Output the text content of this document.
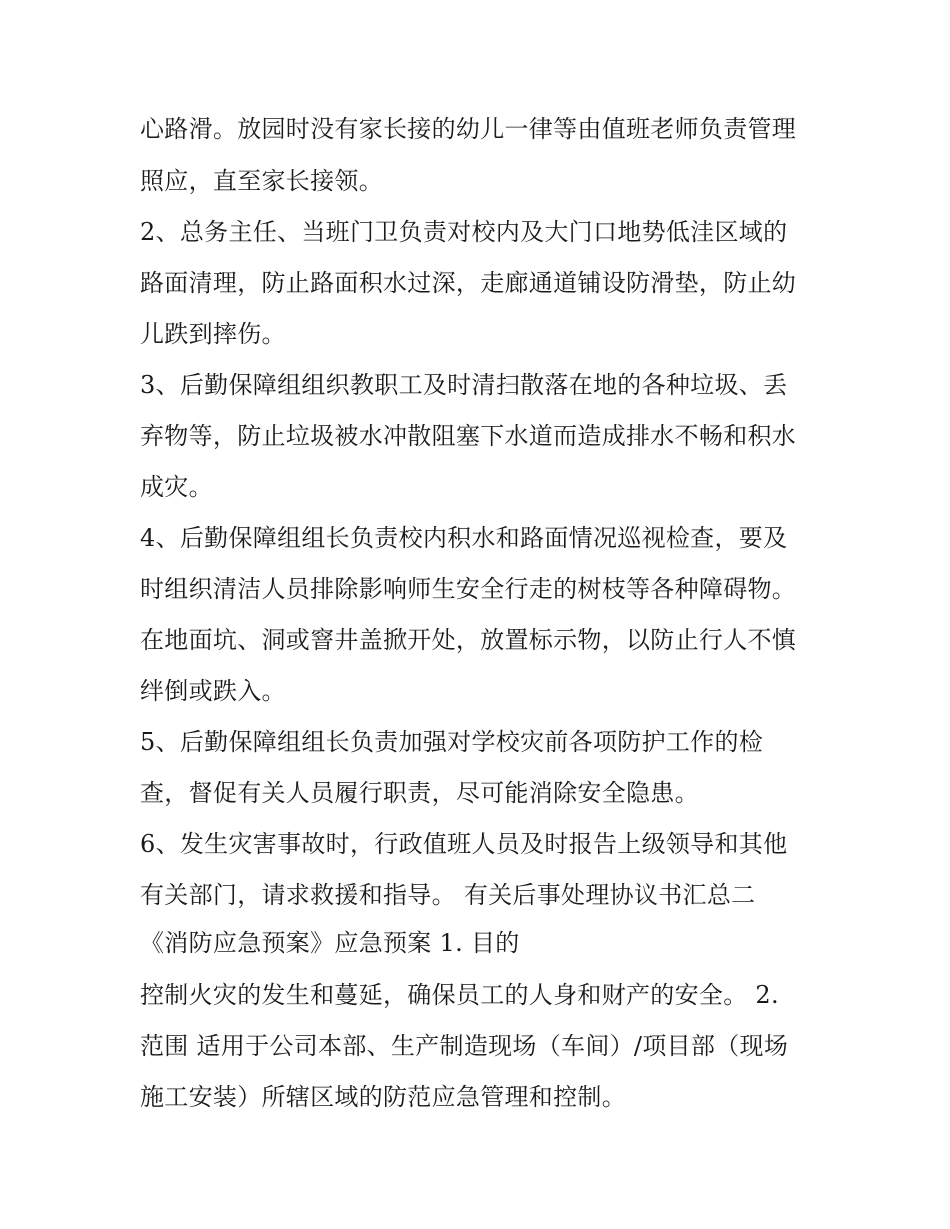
心路滑。放园时没有家长接的幼儿一律等由值班老师负责管理
照应，直至家长接领。
2、总务主任、当班门卫负责对校内及大门口地势低洼区域的
路面清理，防止路面积水过深，走廊通道铺设防滑垫，防止幼
儿跌到摔伤。
3、后勤保障组组织教职工及时清扫散落在地的各种垃圾、丢
弃物等，防止垃圾被水冲散阻塞下水道而造成排水不畅和积水
成灾。
4、后勤保障组组长负责校内积水和路面情况巡视检查，要及
时组织清洁人员排除影响师生安全行走的树枝等各种障碍物。
在地面坑、洞或窨井盖掀开处，放置标示物，以防止行人不慎
绊倒或跌入。
5、后勤保障组组长负责加强对学校灾前各项防护工作的检
查，督促有关人员履行职责，尽可能消除安全隐患。
6、发生灾害事故时，行政值班人员及时报告上级领导和其他
有关部门，请求救援和指导。 有关后事处理协议书汇总二
《消防应急预案》应急预案 1. 目的
控制火灾的发生和蔓延，确保员工的人身和财产的安全。 2.
范围 适用于公司本部、生产制造现场（车间）/项目部（现场
施工安装）所辖区域的防范应急管理和控制。
